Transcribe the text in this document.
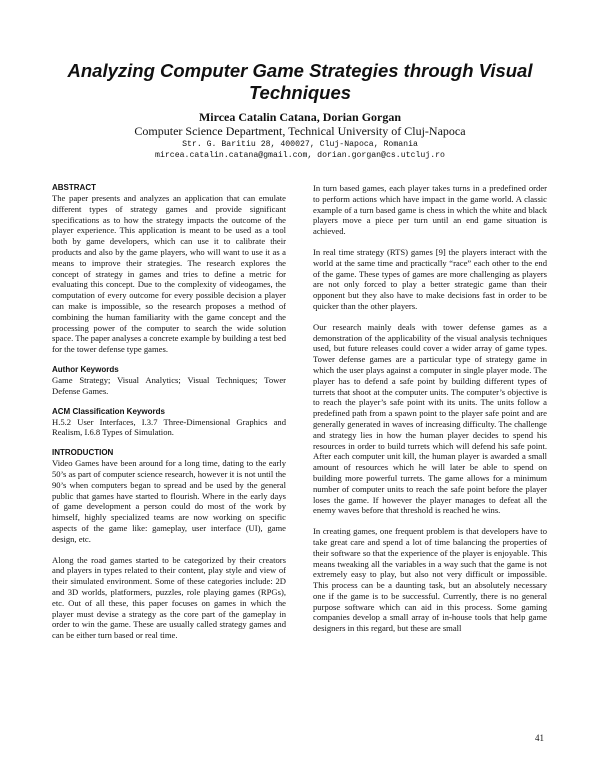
Analyzing Computer Game Strategies through Visual Techniques
Mircea Catalin Catana, Dorian Gorgan
Computer Science Department, Technical University of Cluj-Napoca
Str. G. Baritiu 28, 400027, Cluj-Napoca, Romania
mircea.catalin.catana@gmail.com, dorian.gorgan@cs.utcluj.ro
ABSTRACT

The paper presents and analyzes an application that can emulate different types of strategy games and provide significant specifications as to how the strategy impacts the outcome of the player experience. This application is meant to be used as a tool both by game developers, which can use it to calibrate their products and also by the game players, who will want to use it as a means to improve their strategies. The research explores the concept of strategy in games and tries to define a metric for evaluating this concept. Due to the complexity of videogames, the computation of every outcome for every possible decision a player can make is impossible, so the research proposes a method of combining the human familiarity with the game concept and the processing power of the computer to search the wide solution space. The paper analyses a concrete example by building a test bed for the tower defense type games.

Author Keywords

Game Strategy; Visual Analytics; Visual Techniques; Tower Defense Games.

ACM Classification Keywords

H.5.2 User Interfaces, I.3.7 Three-Dimensional Graphics and Realism, I.6.8 Types of Simulation.

INTRODUCTION

Video Games have been around for a long time, dating to the early 50’s as part of computer science research, however it is not until the 90’s when computers began to spread and be used by the general public that games have started to flourish. Where in the early days of game development a person could do most of the work by himself, highly specialized teams are now working on specific aspects of the game like: gameplay, user interface (UI), game design, etc.

Along the road games started to be categorized by their creators and players in types related to their content, play style and view of their simulated environment. Some of these categories include: 2D and 3D worlds, platformers, puzzles, role playing games (RPGs), etc. Out of all these, this paper focuses on games in which the player must devise a strategy as the core part of the gameplay in order to win the game. These are usually called strategy games and can be either turn based or real time.

In turn based games, each player takes turns in a predefined order to perform actions which have impact in the game world. A classic example of a turn based game is chess in which the white and black players move a piece per turn until an end game situation is achieved.

In real time strategy (RTS) games [9] the players interact with the world at the same time and practically “race” each other to the end of the game. These types of games are more challenging as players are not only forced to play a better strategic game than their opponent but they also have to make decisions fast in order to be quicker than the other players.

Our research mainly deals with tower defense games as a demonstration of the applicability of the visual analysis techniques used, but future releases could cover a wider array of game types. Tower defense games are a particular type of strategy game in which the user plays against a computer in single player mode. The player has to defend a safe point by building different types of turrets that shoot at the computer units. The computer’s objective is to reach the player’s safe point with its units. The units follow a predefined path from a spawn point to the player safe point and are generally generated in waves of increasing difficulty. The challenge and strategy lies in how the human player decides to spend his resources in order to build turrets which will defend his safe point. After each computer unit kill, the human player is awarded a small amount of resources which he will later be able to spend on building more powerful turrets. The game allows for a minimum number of computer units to reach the safe point before the player loses the game. If however the player manages to defeat all the enemy waves before that threshold is reached he wins.

In creating games, one frequent problem is that developers have to take great care and spend a lot of time balancing the properties of their software so that the experience of the player is enjoyable. This means tweaking all the variables in a way such that the game is not extremely easy to play, but also not very difficult or impossible. This process can be a daunting task, but an absolutely necessary one if the game is to be successful. Currently, there is no general purpose software which can aid in this process. Some gaming companies develop a small array of in-house tools that help game designers in this regard, but these are small

41
